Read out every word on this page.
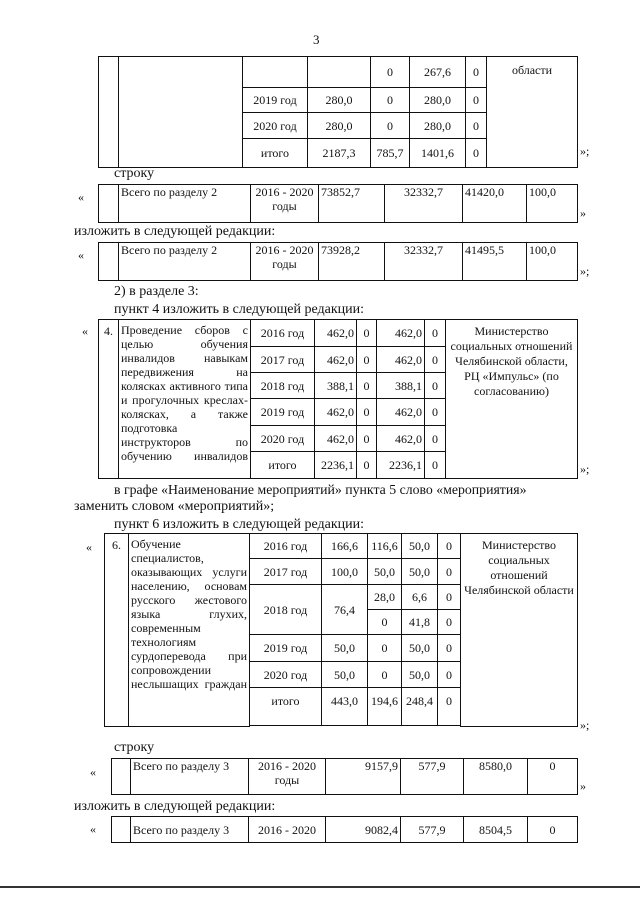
3
				0	267,6	0	области
		2019 год	280,0	0	280,0	0	
		2020 год	280,0	0	280,0	0	
		итого	2187,3	785,7	1401,6	0		»;
строку
«
		Всего по разделу 2	2016 - 2020 годы	73852,7	32332,7	41420,0	100,0
»
изложить в следующей редакции:
«
		Всего по разделу 2	2016 - 2020 годы	73928,2	32332,7	41495,5	100,0
»;
2) в разделе 3:
пункт 4 изложить в следующей редакции:
« 4.	Проведение сборов с целью обучения инвалидов навыкам передвижения на колясках активного типа и прогулочных креслах-колясках, а также подготовка инструкторов по обучению инвалидов	2016 год	462,0	0	462,0	0	Министерство социальных отношений Челябинской области, РЦ «Импульс» (по согласованию)
		2017 год	462,0	0	462,0	0	
		2018 год	388,1	0	388,1	0	
		2019 год	462,0	0	462,0	0	
		2020 год	462,0	0	462,0	0	
		итого	2236,1	0	2236,1	0		»;
в графе «Наименование мероприятий» пункта 5 слово «мероприятия»
заменить словом «мероприятий»;
пункт 6 изложить в следующей редакции:
« 6.	Обучение специалистов, оказывающих услуги населению, основам русского жестового языка глухих, современным технологиям сурдоперевода при сопровождении неслышащих граждан	2016 год	166,6	116,6	50,0	0	Министерство социальных отношений Челябинской области
		2017 год	100,0	50,0	50,0	0	
		2018 год	76,4	28,0	6,6	0	
				0	41,8	0	
		2019 год	50,0	0	50,0	0	
		2020 год	50,0	0	50,0	0	
		итого	443,0	194,6	248,4	0	

»;
строку
«
		Всего по разделу 3	2016 - 2020 годы	9157,9	577,9	8580,0	0
»
изложить в следующей редакции:
«
		Всего по разделу 3	2016 - 2020	9082,4	577,9	8504,5	0
